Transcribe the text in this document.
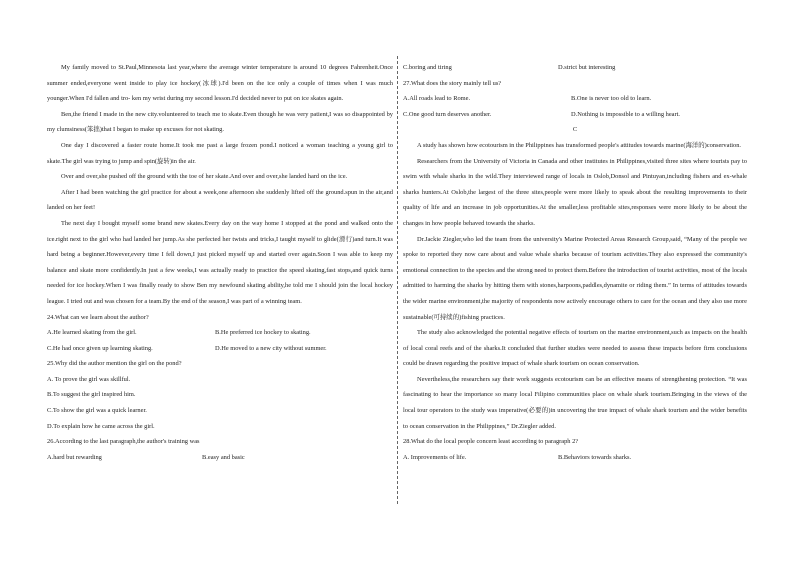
My family moved to St.Paul,Minnesota last year,where the average winter temperature is around 10 degrees Fahrenheit.Once summer ended,everyone went inside to play ice hockey(冰球).I'd been on the ice only a couple of times when I was much younger.When I'd fallen and tro- ken my wrist during my second lesson.I'd decided never to put on ice skates again.

Ben,the friend I made in the new city.volunteered to teach me to skate.Even though he was very patient,I was so disappointed by my clumsiness(笨拙)that I began to make up excuses for not skating.

One day I discovered a faster route home.It took me past a large frozen pond.I noticed a woman teaching a young girl to skate.The girl was trying to jump and spin(旋转)in the air.

Over and over,she pushed off the ground with the toe of her skate.And over and over,she landed hard on the ice.

After I had been watching the girl practice for about a week,one afternoon she suddenly lifted off the ground.spun in the air,and landed on her feet!

The next day I bought myself some brand new skates.Every day on the way home I stopped at the pond and walked onto the ice.right next to the girl who had landed her jump.As she perfected her twists and tricks,I taught myself to glide(滑行)and turn.It was hard being a beginner.However,every time I fell down,I just picked myself up and started over again.Soon I was able to keep my balance and skate more confidently.In just a few weeks,I was actually ready to practice the speed skating,fast stops,and quick turns needed for ice hockey.When I was finally ready to show Ben my newfound skating ability,he told me I should join the local hockey league. I tried out and was chosen for a team.By the end of the season,I was part of a winning team.

24.What can we learn about the author?

A.He learned skating from the girl.	B.He preferred ice hockey to skating.
C.He had once given up learning skating.	D.He moved to a new city without summer.

25.Why did the author mention the girl on the pond?

A. To prove the girl was skillful.

B.To suggest the girl inspired him.

C.To show the girl was a quick learner.

D.To explain how he came across the girl.

26.According to the last paragraph,the author's training was

A.hard but rewarding	B.easy and basic
C.boring and tiring	D.strict but interesting

27.What does the story mainly tell us?

A.All roads lead to Rome.	B.One is never too old to learn.
C.One good turn deserves another.	D.Nothing is impossible to a willing heart.

C

A study has shown how ecotourism in the Philippines has transformed people's attitudes towards marine(海洋的)conservation.

Researchers from the University of Victoria in Canada and other institutes in Philippines,visited three sites where tourists pay to swim with whale sharks in the wild.They interviewed range of locals in Oslob,Donsol and Pintuyan,including fishers and ex-whale sharks hunters.At Oslob,the largest of the three sites,people were more likely to speak about the resulting improvements to their quality of life and an increase in job opportunities.At the smaller,less profitable sites,responses were more likely to be about the changes in how people behaved towards the sharks.

Dr.Jackie Ziegler,who led the team from the university's Marine Protected Areas Research Group,said, “Many of the people we spoke to reported they now care about and value whale sharks because of tourism activities.They also expressed the community's emotional connection to the species and the strong need to protect them.Before the introduction of tourist activities, most of the locals admitted to harming the sharks by hitting them with stones,harpoons,paddles,dynamite or riding them.” In terms of attitudes towards the wider marine environment,the majority of respondents now actively encourage others to care for the ocean and they also use more sustainable(可持续的)fishing practices.

The study also acknowledged the potential negative effects of tourism on the marine environment,such as impacts on the health of local coral reefs and of the sharks.It concluded that further studies were needed to assess these impacts before firm conclusions could be drawn regarding the positive impact of whale shark tourism on ocean conservation.

Nevertheless,the researchers say their work suggests ecotourism can be an effective means of strengthening protection. “It was fascinating to hear the importance so many local Filipino communities place on whale shark tourism.Bringing in the views of the local tour operators to the study was imperative(必要的)in uncovering the true impact of whale shark tourism and the wider benefits to ocean conservation in the Philippines,” Dr.Ziegler added.

28.What do the local people concern least according to paragraph 2?

A. Improvements of life.	B.Behaviors towards sharks.
